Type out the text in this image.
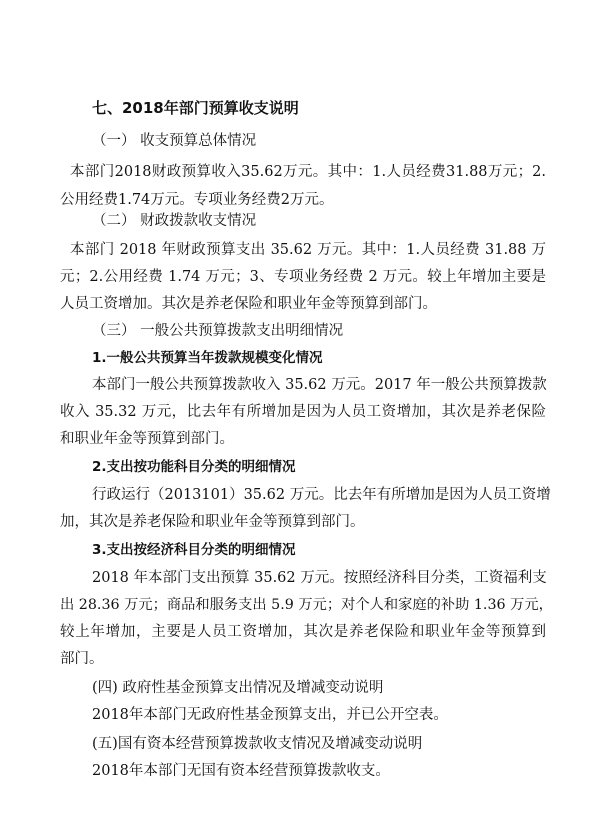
七、2018年部门预算收支说明
（一） 收支预算总体情况
本部门2018财政预算收入35.62万元。其中：1.人员经费31.88万元；2.
公用经费1.74万元。专项业务经费2万元。
（二） 财政拨款收支情况
本部门 2018 年财政预算支出 35.62 万元。其中：1.人员经费 31.88 万
元；2.公用经费 1.74 万元；3、专项业务经费 2 万元。较上年增加主要是
人员工资增加。其次是养老保险和职业年金等预算到部门。
（三） 一般公共预算拨款支出明细情况
1.一般公共预算当年拨款规模变化情况
本部门一般公共预算拨款收入 35.62 万元。2017 年一般公共预算拨款
收入 35.32 万元，比去年有所增加是因为人员工资增加，其次是养老保险
和职业年金等预算到部门。
2.支出按功能科目分类的明细情况
行政运行（2013101）35.62 万元。比去年有所增加是因为人员工资增
加，其次是养老保险和职业年金等预算到部门。
3.支出按经济科目分类的明细情况
2018 年本部门支出预算 35.62 万元。按照经济科目分类，工资福利支
出 28.36 万元；商品和服务支出 5.9 万元；对个人和家庭的补助 1.36 万元，
较上年增加，主要是人员工资增加，其次是养老保险和职业年金等预算到
部门。
(四) 政府性基金预算支出情况及增减变动说明
2018年本部门无政府性基金预算支出，并已公开空表。
(五)国有资本经营预算拨款收支情况及增减变动说明
2018年本部门无国有资本经营预算拨款收支。
